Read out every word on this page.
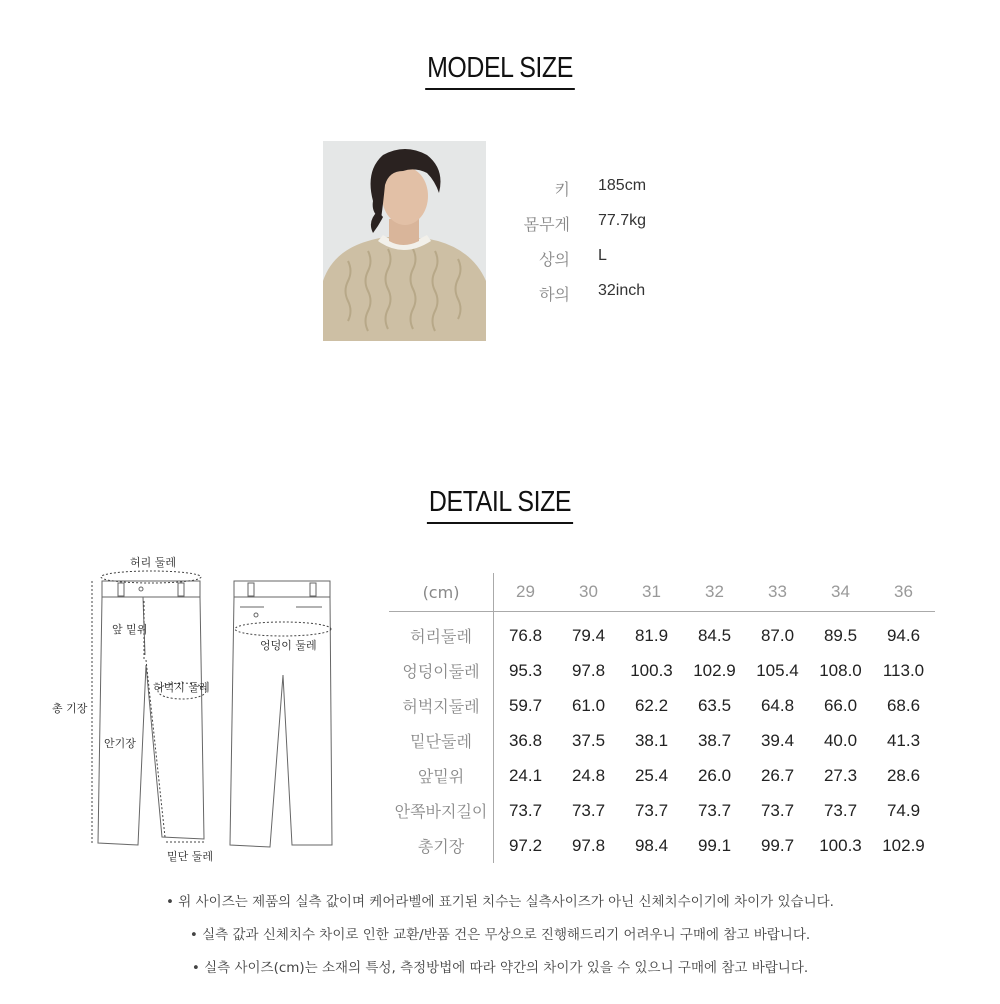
MODEL SIZE
키 185cm
몸무게 77.7kg
상의 L
하의 32inch
DETAIL SIZE
허리 둘레
앞 밑위
총 기장
허벅지 둘레
안기장
밑단 둘레
엉덩이 둘레
(cm)	29	30	31	32	33	34	36
허리둘레	76.8	79.4	81.9	84.5	87.0	89.5	94.6
엉덩이둘레	95.3	97.8	100.3	102.9	105.4	108.0	113.0
허벅지둘레	59.7	61.0	62.2	63.5	64.8	66.0	68.6
밑단둘레	36.8	37.5	38.1	38.7	39.4	40.0	41.3
앞밑위	24.1	24.8	25.4	26.0	26.7	27.3	28.6
안쪽바지길이	73.7	73.7	73.7	73.7	73.7	73.7	74.9
총기장	97.2	97.8	98.4	99.1	99.7	100.3	102.9
• 위 사이즈는 제품의 실측 값이며 케어라벨에 표기된 치수는 실측사이즈가 아닌 신체치수이기에 차이가 있습니다.
• 실측 값과 신체치수 차이로 인한 교환/반품 건은 무상으로 진행해드리기 어려우니 구매에 참고 바랍니다.
• 실측 사이즈(cm)는 소재의 특성, 측정방법에 따라 약간의 차이가 있을 수 있으니 구매에 참고 바랍니다.
